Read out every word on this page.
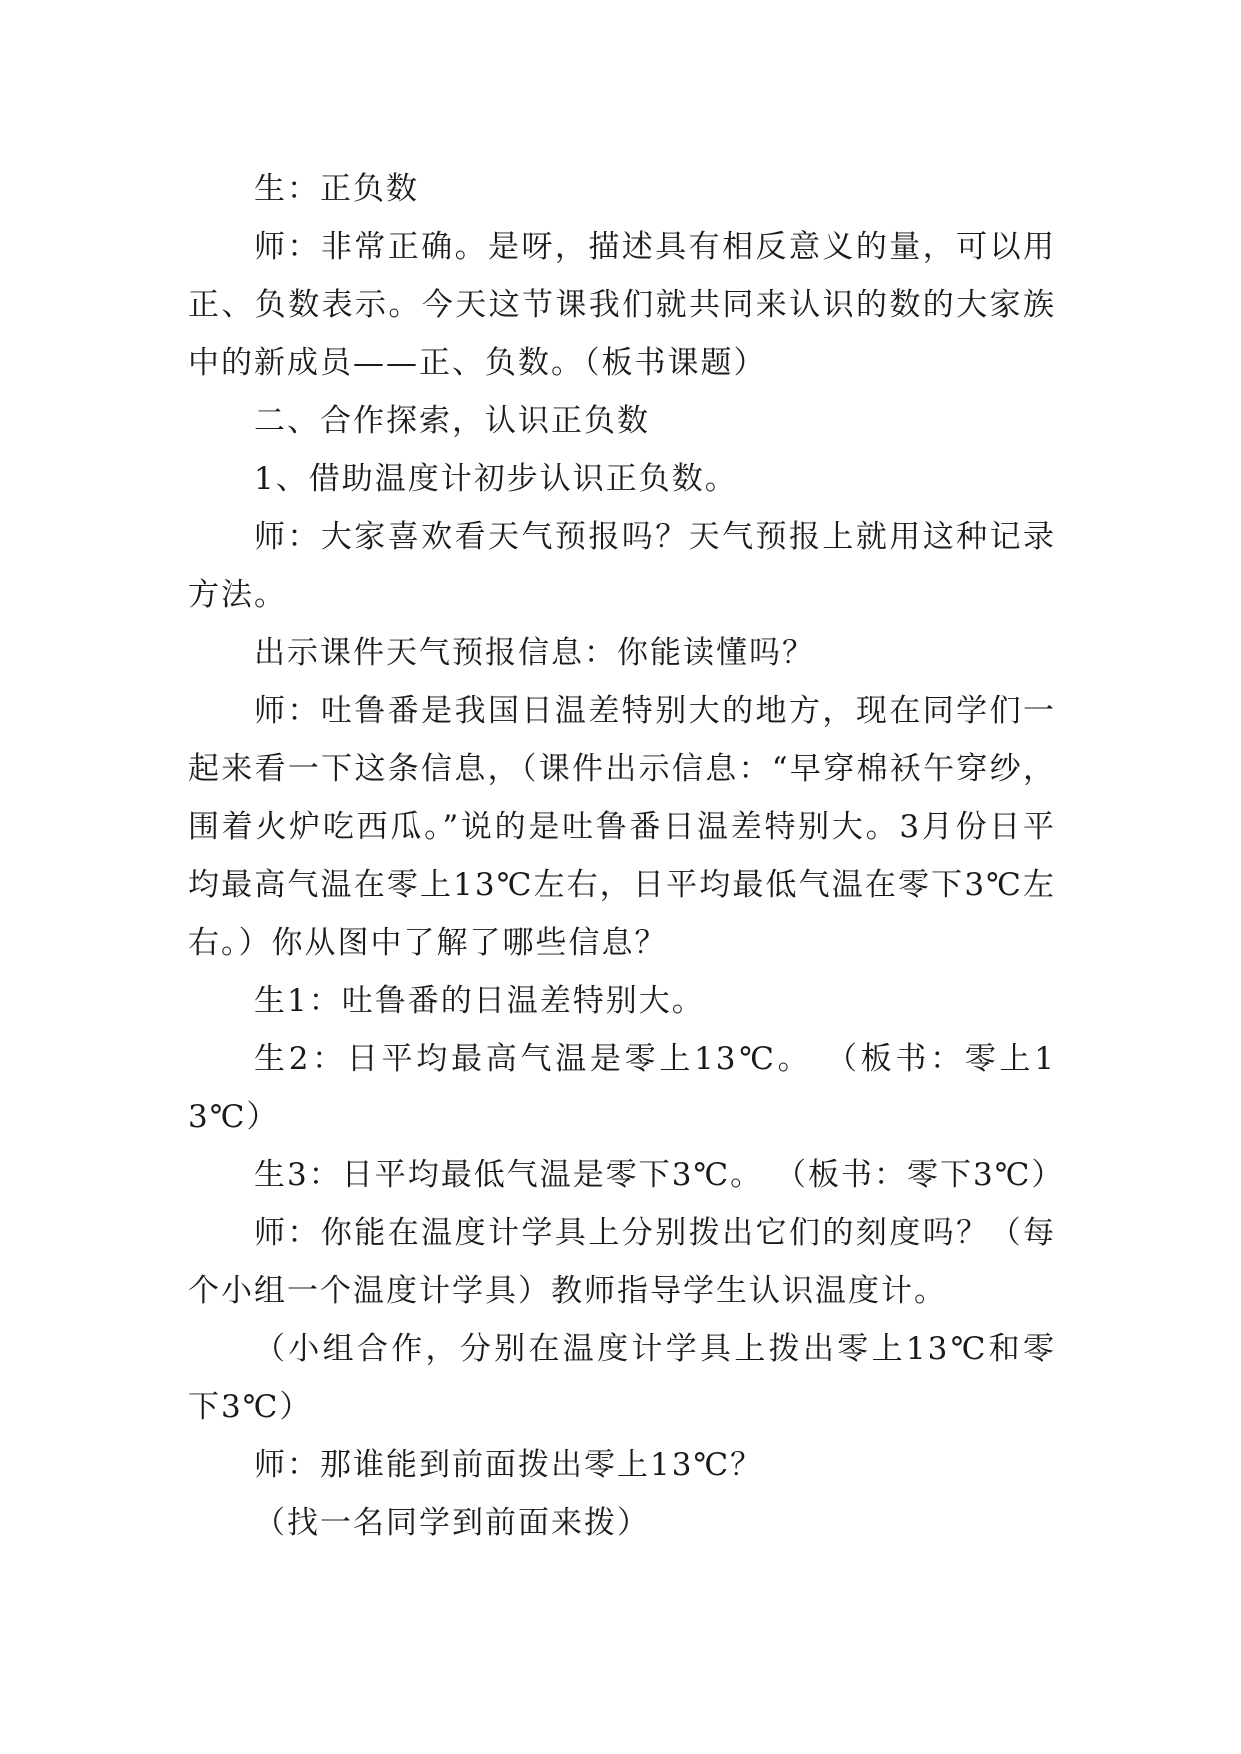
生：正负数

师：非常正确。是呀，描述具有相反意义的量，可以用正、负数表示。今天这节课我们就共同来认识的数的大家族中的新成员——正、负数。（板书课题）

二、合作探索，认识正负数

1、借助温度计初步认识正负数。

师：大家喜欢看天气预报吗？天气预报上就用这种记录方法。

出示课件天气预报信息：你能读懂吗？

师：吐鲁番是我国日温差特别大的地方，现在同学们一起来看一下这条信息，（课件出示信息：“早穿棉袄午穿纱，围着火炉吃西瓜。”说的是吐鲁番日温差特别大。3月份日平均最高气温在零上13℃左右，日平均最低气温在零下3℃左右。）你从图中了解了哪些信息？

生1：吐鲁番的日温差特别大。

生2：日平均最高气温是零上13℃。 （板书：零上13℃）

生3：日平均最低气温是零下3℃。 （板书：零下3℃）

师：你能在温度计学具上分别拨出它们的刻度吗？（每个小组一个温度计学具）教师指导学生认识温度计。

（小组合作，分别在温度计学具上拨出零上13℃和零下3℃）

师：那谁能到前面拨出零上13℃？

（找一名同学到前面来拨）
